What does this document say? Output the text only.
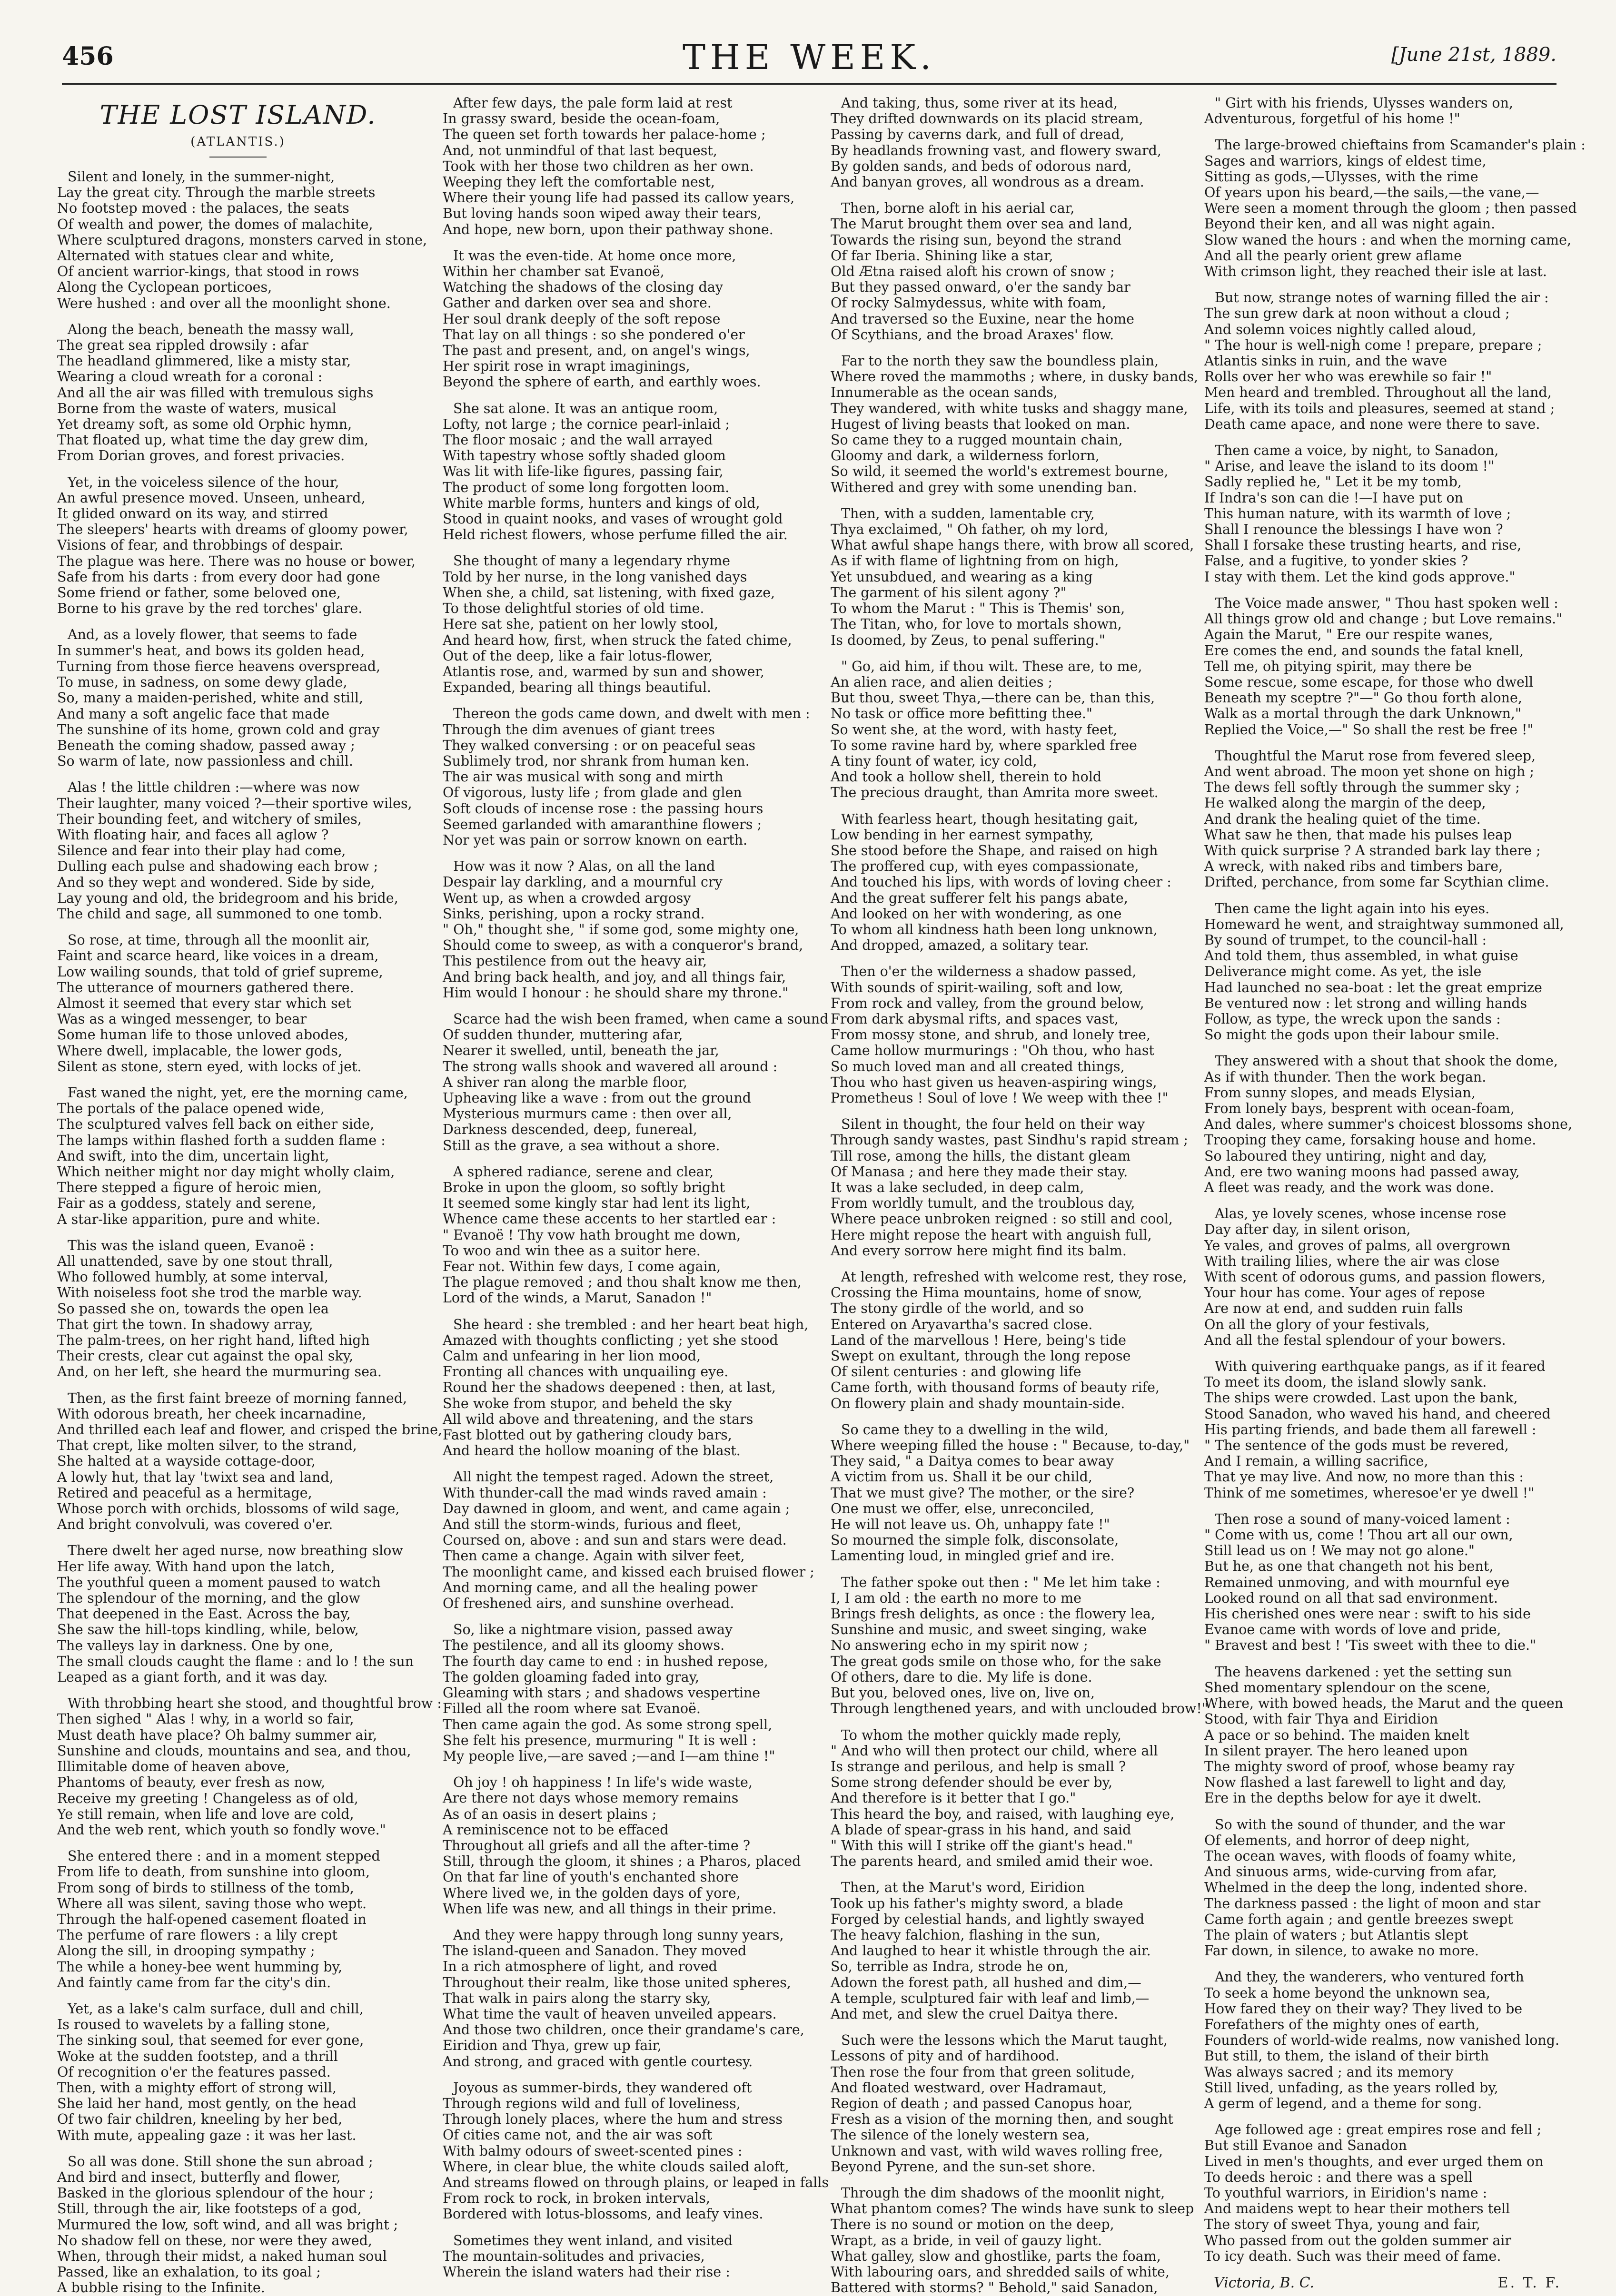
456	THE WEEK.	[June 21st, 1889.
THE LOST ISLAND.
(ATLANTIS.)
Silent and lonely, in the summer-night,
Lay the great city. Through the marble streets
No footstep moved : the palaces, the seats
Of wealth and power, the domes of malachite,
Where sculptured dragons, monsters carved in stone,
Alternated with statues clear and white,
Of ancient warrior-kings, that stood in rows
Along the Cyclopean porticoes,
Were hushed : and over all the moonlight shone.
Along the beach, beneath the massy wall,
The great sea rippled drowsily : afar
The headland glimmered, like a misty star,
Wearing a cloud wreath for a coronal :
And all the air was filled with tremulous sighs
Borne from the waste of waters, musical
Yet dreamy soft, as some old Orphic hymn,
That floated up, what time the day grew dim,
From Dorian groves, and forest privacies.
Yet, in the voiceless silence of the hour,
An awful presence moved. Unseen, unheard,
It glided onward on its way, and stirred
The sleepers' hearts with dreams of gloomy power,
Visions of fear, and throbbings of despair.
The plague was here. There was no house or bower,
Safe from his darts : from every door had gone
Some friend or father, some beloved one,
Borne to his grave by the red torches' glare.
And, as a lovely flower, that seems to fade
In summer's heat, and bows its golden head,
Turning from those fierce heavens overspread,
To muse, in sadness, on some dewy glade,
So, many a maiden-perished, white and still,
And many a soft angelic face that made
The sunshine of its home, grown cold and gray
Beneath the coming shadow, passed away ;
So warm of late, now passionless and chill.
Alas ! the little children :—where was now
Their laughter, many voiced ?—their sportive wiles,
Their bounding feet, and witchery of smiles,
With floating hair, and faces all aglow ?
Silence and fear into their play had come,
Dulling each pulse and shadowing each brow ;
And so they wept and wondered. Side by side,
Lay young and old, the bridegroom and his bride,
The child and sage, all summoned to one tomb.
So rose, at time, through all the moonlit air,
Faint and scarce heard, like voices in a dream,
Low wailing sounds, that told of grief supreme,
The utterance of mourners gathered there.
Almost it seemed that every star which set
Was as a winged messenger, to bear
Some human life to those unloved abodes,
Where dwell, implacable, the lower gods,
Silent as stone, stern eyed, with locks of jet.
Fast waned the night, yet, ere the morning came,
The portals of the palace opened wide,
The sculptured valves fell back on either side,
The lamps within flashed forth a sudden flame :
And swift, into the dim, uncertain light,
Which neither might nor day might wholly claim,
There stepped a figure of heroic mien,
Fair as a goddess, stately and serene,
A star-like apparition, pure and white.
This was the island queen, Evanoë :
All unattended, save by one stout thrall,
Who followed humbly, at some interval,
With noiseless foot she trod the marble way.
So passed she on, towards the open lea
That girt the town. In shadowy array,
The palm-trees, on her right hand, lifted high
Their crests, clear cut against the opal sky,
And, on her left, she heard the murmuring sea.
Then, as the first faint breeze of morning fanned,
With odorous breath, her cheek incarnadine,
And thrilled each leaf and flower, and crisped the brine,
That crept, like molten silver, to the strand,
She halted at a wayside cottage-door,
A lowly hut, that lay 'twixt sea and land,
Retired and peaceful as a hermitage,
Whose porch with orchids, blossoms of wild sage,
And bright convolvuli, was covered o'er.
There dwelt her aged nurse, now breathing slow
Her life away. With hand upon the latch,
The youthful queen a moment paused to watch
The splendour of the morning, and the glow
That deepened in the East. Across the bay,
She saw the hill-tops kindling, while, below,
The valleys lay in darkness. One by one,
The small clouds caught the flame : and lo ! the sun
Leaped as a giant forth, and it was day.
With throbbing heart she stood, and thoughtful brow :
Then sighed " Alas ! why, in a world so fair,
Must death have place? Oh balmy summer air,
Sunshine and clouds, mountains and sea, and thou,
Illimitable dome of heaven above,
Phantoms of beauty, ever fresh as now,
Receive my greeting ! Changeless as of old,
Ye still remain, when life and love are cold,
And the web rent, which youth so fondly wove."
She entered there : and in a moment stepped
From life to death, from sunshine into gloom,
From song of birds to stillness of the tomb,
Where all was silent, saving those who wept.
Through the half-opened casement floated in
The perfume of rare flowers : a lily crept
Along the sill, in drooping sympathy ;
The while a honey-bee went humming by,
And faintly came from far the city's din.
Yet, as a lake's calm surface, dull and chill,
Is roused to wavelets by a falling stone,
The sinking soul, that seemed for ever gone,
Woke at the sudden footstep, and a thrill
Of recognition o'er the features passed.
Then, with a mighty effort of strong will,
She laid her hand, most gently, on the head
Of two fair children, kneeling by her bed,
With mute, appealing gaze : it was her last.
So all was done. Still shone the sun abroad ;
And bird and insect, butterfly and flower,
Basked in the glorious splendour of the hour ;
Still, through the air, like footsteps of a god,
Murmured the low, soft wind, and all was bright ;
No shadow fell on these, nor were they awed,
When, through their midst, a naked human soul
Passed, like an exhalation, to its goal ;
A bubble rising to the Infinite.
After few days, the pale form laid at rest
In grassy sward, beside the ocean-foam,
The queen set forth towards her palace-home ;
And, not unmindful of that last bequest,
Took with her those two children as her own.
Weeping they left the comfortable nest,
Where their young life had passed its callow years,
But loving hands soon wiped away their tears,
And hope, new born, upon their pathway shone.
It was the even-tide. At home once more,
Within her chamber sat Evanoë,
Watching the shadows of the closing day
Gather and darken over sea and shore.
Her soul drank deeply of the soft repose
That lay on all things : so she pondered o'er
The past and present, and, on angel's wings,
Her spirit rose in wrapt imaginings,
Beyond the sphere of earth, and earthly woes.
She sat alone. It was an antique room,
Lofty, not large ; the cornice pearl-inlaid ;
The floor mosaic ; and the wall arrayed
With tapestry whose softly shaded gloom
Was lit with life-like figures, passing fair,
The product of some long forgotten loom.
White marble forms, hunters and kings of old,
Stood in quaint nooks, and vases of wrought gold
Held richest flowers, whose perfume filled the air.
She thought of many a legendary rhyme
Told by her nurse, in the long vanished days
When she, a child, sat listening, with fixed gaze,
To those delightful stories of old time.
Here sat she, patient on her lowly stool,
And heard how, first, when struck the fated chime,
Out of the deep, like a fair lotus-flower,
Atlantis rose, and, warmed by sun and shower,
Expanded, bearing all things beautiful.
Thereon the gods came down, and dwelt with men :
Through the dim avenues of giant trees
They walked conversing : or on peaceful seas
Sublimely trod, nor shrank from human ken.
The air was musical with song and mirth
Of vigorous, lusty life ; from glade and glen
Soft clouds of incense rose : the passing hours
Seemed garlanded with amaranthine flowers ;
Nor yet was pain or sorrow known on earth.
How was it now ? Alas, on all the land
Despair lay darkling, and a mournful cry
Went up, as when a crowded argosy
Sinks, perishing, upon a rocky strand.
" Oh," thought she, " if some god, some mighty one,
Should come to sweep, as with a conqueror's brand,
This pestilence from out the heavy air,
And bring back health, and joy, and all things fair,
Him would I honour : he should share my throne."
Scarce had the wish been framed, when came a sound
Of sudden thunder, muttering afar,
Nearer it swelled, until, beneath the jar,
The strong walls shook and wavered all around :
A shiver ran along the marble floor,
Upheaving like a wave : from out the ground
Mysterious murmurs came : then over all,
Darkness descended, deep, funereal,
Still as the grave, a sea without a shore.
A sphered radiance, serene and clear,
Broke in upon the gloom, so softly bright
It seemed some kingly star had lent its light,
Whence came these accents to her startled ear :
" Evanoë ! Thy vow hath brought me down,
To woo and win thee as a suitor here.
Fear not. Within few days, I come again,
The plague removed ; and thou shalt know me then,
Lord of the winds, a Marut, Sanadon !"
She heard : she trembled : and her heart beat high,
Amazed with thoughts conflicting ; yet she stood
Calm and unfearing in her lion mood,
Fronting all chances with unquailing eye.
Round her the shadows deepened : then, at last,
She woke from stupor, and beheld the sky
All wild above and threatening, and the stars
Fast blotted out by gathering cloudy bars,
And heard the hollow moaning of the blast.
All night the tempest raged. Adown the street,
With thunder-call the mad winds raved amain :
Day dawned in gloom, and went, and came again ;
And still the storm-winds, furious and fleet,
Coursed on, above : and sun and stars were dead.
Then came a change. Again with silver feet,
The moonlight came, and kissed each bruised flower ;
And morning came, and all the healing power
Of freshened airs, and sunshine overhead.
So, like a nightmare vision, passed away
The pestilence, and all its gloomy shows.
The fourth day came to end : in hushed repose,
The golden gloaming faded into gray,
Gleaming with stars ; and shadows vespertine
Filled all the room where sat Evanoë.
Then came again the god. As some strong spell,
She felt his presence, murmuring " It is well :
My people live,—are saved ;—and I—am thine !"
Oh joy ! oh happiness ! In life's wide waste,
Are there not days whose memory remains
As of an oasis in desert plains ;
A reminiscence not to be effaced
Throughout all griefs and all the after-time ?
Still, through the gloom, it shines ; a Pharos, placed
On that far line of youth's enchanted shore
Where lived we, in the golden days of yore,
When life was new, and all things in their prime.
And they were happy through long sunny years,
The island-queen and Sanadon. They moved
In a rich atmosphere of light, and roved
Throughout their realm, like those united spheres,
That walk in pairs along the starry sky,
What time the vault of heaven unveiled appears.
And those two children, once their grandame's care,
Eiridion and Thya, grew up fair,
And strong, and graced with gentle courtesy.
Joyous as summer-birds, they wandered oft
Through regions wild and full of loveliness,
Through lonely places, where the hum and stress
Of cities came not, and the air was soft
With balmy odours of sweet-scented pines :
Where, in clear blue, the white clouds sailed aloft,
And streams flowed on through plains, or leaped in falls
From rock to rock, in broken intervals,
Bordered with lotus-blossoms, and leafy vines.
Sometimes they went inland, and visited
The mountain-solitudes and privacies,
Wherein the island waters had their rise :
And taking, thus, some river at its head,
They drifted downwards on its placid stream,
Passing by caverns dark, and full of dread,
By headlands frowning vast, and flowery sward,
By golden sands, and beds of odorous nard,
And banyan groves, all wondrous as a dream.
Then, borne aloft in his aerial car,
The Marut brought them over sea and land,
Towards the rising sun, beyond the strand
Of far Iberia. Shining like a star,
Old Ætna raised aloft his crown of snow ;
But they passed onward, o'er the sandy bar
Of rocky Salmydessus, white with foam,
And traversed so the Euxine, near the home
Of Scythians, and the broad Araxes' flow.
Far to the north they saw the boundless plain,
Where roved the mammoths ; where, in dusky bands,
Innumerable as the ocean sands,
They wandered, with white tusks and shaggy mane,
Hugest of living beasts that looked on man.
So came they to a rugged mountain chain,
Gloomy and dark, a wilderness forlorn,
So wild, it seemed the world's extremest bourne,
Withered and grey with some unending ban.
Then, with a sudden, lamentable cry,
Thya exclaimed, " Oh father, oh my lord,
What awful shape hangs there, with brow all scored,
As if with flame of lightning from on high,
Yet unsubdued, and wearing as a king
The garment of his silent agony ?"
To whom the Marut : " This is Themis' son,
The Titan, who, for love to mortals shown,
Is doomed, by Zeus, to penal suffering."
" Go, aid him, if thou wilt. These are, to me,
An alien race, and alien deities ;
But thou, sweet Thya,—there can be, than this,
No task or office more befitting thee."
So went she, at the word, with hasty feet,
To some ravine hard by, where sparkled free
A tiny fount of water, icy cold,
And took a hollow shell, therein to hold
The precious draught, than Amrita more sweet.
With fearless heart, though hesitating gait,
Low bending in her earnest sympathy,
She stood before the Shape, and raised on high
The proffered cup, with eyes compassionate,
And touched his lips, with words of loving cheer :
And the great sufferer felt his pangs abate,
And looked on her with wondering, as one
To whom all kindness hath been long unknown,
And dropped, amazed, a solitary tear.
Then o'er the wilderness a shadow passed,
With sounds of spirit-wailing, soft and low,
From rock and valley, from the ground below,
From dark abysmal rifts, and spaces vast,
From mossy stone, and shrub, and lonely tree,
Came hollow murmurings : "Oh thou, who hast
So much loved man and all created things,
Thou who hast given us heaven-aspiring wings,
Prometheus ! Soul of love ! We weep with thee !"
Silent in thought, the four held on their way
Through sandy wastes, past Sindhu's rapid stream ;
Till rose, among the hills, the distant gleam
Of Manasa ; and here they made their stay.
It was a lake secluded, in deep calm,
From worldly tumult, and the troublous day,
Where peace unbroken reigned : so still and cool,
Here might repose the heart with anguish full,
And every sorrow here might find its balm.
At length, refreshed with welcome rest, they rose,
Crossing the Hima mountains, home of snow,
The stony girdle of the world, and so
Entered on Aryavartha's sacred close.
Land of the marvellous ! Here, being's tide
Swept on exultant, through the long repose
Of silent centuries : and glowing life
Came forth, with thousand forms of beauty rife,
On flowery plain and shady mountain-side.
So came they to a dwelling in the wild,
Where weeping filled the house : " Because, to-day,"
They said, " a Daitya comes to bear away
A victim from us. Shall it be our child,
That we must give? The mother, or the sire?
One must we offer, else, unreconciled,
He will not leave us. Oh, unhappy fate !"
So mourned the simple folk, disconsolate,
Lamenting loud, in mingled grief and ire.
The father spoke out then : " Me let him take :
I, I am old : the earth no more to me
Brings fresh delights, as once : the flowery lea,
Sunshine and music, and sweet singing, wake
No answering echo in my spirit now ;
The great gods smile on those who, for the sake
Of others, dare to die. My life is done.
But you, beloved ones, live on, live on,
Through lengthened years, and with unclouded brow!"
To whom the mother quickly made reply,
" And who will then protect our child, where all
Is strange and perilous, and help is small ?
Some strong defender should be ever by,
And therefore is it better that I go."
This heard the boy, and raised, with laughing eye,
A blade of spear-grass in his hand, and said
" With this will I strike off the giant's head."
The parents heard, and smiled amid their woe.
Then, at the Marut's word, Eiridion
Took up his father's mighty sword, a blade
Forged by celestial hands, and lightly swayed
The heavy falchion, flashing in the sun,
And laughed to hear it whistle through the air.
So, terrible as Indra, strode he on,
Adown the forest path, all hushed and dim,—
A temple, sculptured fair with leaf and limb,—
And met, and slew the cruel Daitya there.
Such were the lessons which the Marut taught,
Lessons of pity and of hardihood.
Then rose the four from that green solitude,
And floated westward, over Hadramaut,
Region of death ; and passed Canopus hoar,
Fresh as a vision of the morning then, and sought
The silence of the lonely western sea,
Unknown and vast, with wild waves rolling free,
Beyond Pyrene, and the sun-set shore.
Through the dim shadows of the moonlit night,
What phantom comes? The winds have sunk to sleep
There is no sound or motion on the deep,
Wrapt, as a bride, in veil of gauzy light.
What galley, slow and ghostlike, parts the foam,
With labouring oars, and shredded sails of white,
Battered with storms? " Behold," said Sanadon,
" Girt with his friends, Ulysses wanders on,
Adventurous, forgetful of his home !"
The large-browed chieftains from Scamander's plain :
Sages and warriors, kings of eldest time,
Sitting as gods,—Ulysses, with the rime
Of years upon his beard,—the sails,—the vane,—
Were seen a moment through the gloom ; then passed
Beyond their ken, and all was night again.
Slow waned the hours : and when the morning came,
And all the pearly orient grew aflame
With crimson light, they reached their isle at last.
But now, strange notes of warning filled the air :
The sun grew dark at noon without a cloud ;
And solemn voices nightly called aloud,
" The hour is well-nigh come ! prepare, prepare ;
Atlantis sinks in ruin, and the wave
Rolls over her who was erewhile so fair !"
Men heard and trembled. Throughout all the land,
Life, with its toils and pleasures, seemed at stand ;
Death came apace, and none were there to save.
Then came a voice, by night, to Sanadon,
" Arise, and leave the island to its doom !"
Sadly replied he, " Let it be my tomb,
If Indra's son can die !—I have put on
This human nature, with its warmth of love ;
Shall I renounce the blessings I have won ?
Shall I forsake these trusting hearts, and rise,
False, and a fugitive, to yonder skies ?
I stay with them. Let the kind gods approve."
The Voice made answer, " Thou hast spoken well :
All things grow old and change ; but Love remains."
Again the Marut, " Ere our respite wanes,
Ere comes the end, and sounds the fatal knell,
Tell me, oh pitying spirit, may there be
Some rescue, some escape, for those who dwell
Beneath my sceptre ?"—" Go thou forth alone,
Walk as a mortal through the dark Unknown,"
Replied the Voice,—" So shall the rest be free !"
Thoughtful the Marut rose from fevered sleep,
And went abroad. The moon yet shone on high ;
The dews fell softly through the summer sky ;
He walked along the margin of the deep,
And drank the healing quiet of the time.
What saw he then, that made his pulses leap
With quick surprise ? A stranded bark lay there ;
A wreck, with naked ribs and timbers bare,
Drifted, perchance, from some far Scythian clime.
Then came the light again into his eyes.
Homeward he went, and straightway summoned all,
By sound of trumpet, to the council-hall :
And told them, thus assembled, in what guise
Deliverance might come. As yet, the isle
Had launched no sea-boat : let the great emprize
Be ventured now : let strong and willing hands
Follow, as type, the wreck upon the sands :
So might the gods upon their labour smile.
They answered with a shout that shook the dome,
As if with thunder. Then the work began.
From sunny slopes, and meads Elysian,
From lonely bays, besprent with ocean-foam,
And dales, where summer's choicest blossoms shone,
Trooping they came, forsaking house and home.
So laboured they untiring, night and day,
And, ere two waning moons had passed away,
A fleet was ready, and the work was done.
Alas, ye lovely scenes, whose incense rose
Day after day, in silent orison,
Ye vales, and groves of palms, all overgrown
With trailing lilies, where the air was close
With scent of odorous gums, and passion flowers,
Your hour has come. Your ages of repose
Are now at end, and sudden ruin falls
On all the glory of your festivals,
And all the festal splendour of your bowers.
With quivering earthquake pangs, as if it feared
To meet its doom, the island slowly sank.
The ships were crowded. Last upon the bank,
Stood Sanadon, who waved his hand, and cheered
His parting friends, and bade them all farewell :
" The sentence of the gods must be revered,
And I remain, a willing sacrifice,
That ye may live. And now, no more than this :
Think of me sometimes, wheresoe'er ye dwell !"
Then rose a sound of many-voiced lament :
" Come with us, come ! Thou art all our own,
Still lead us on ! We may not go alone."
But he, as one that changeth not his bent,
Remained unmoving, and with mournful eye
Looked round on all that sad environment.
His cherished ones were near : swift to his side
Evanoe came with words of love and pride,
" Bravest and best ! 'Tis sweet with thee to die."
The heavens darkened : yet the setting sun
Shed momentary splendour on the scene,
Where, with bowed heads, the Marut and the queen
Stood, with fair Thya and Eiridion
A pace or so behind. The maiden knelt
In silent prayer. The hero leaned upon
The mighty sword of proof, whose beamy ray
Now flashed a last farewell to light and day,
Ere in the depths below for aye it dwelt.
So with the sound of thunder, and the war
Of elements, and horror of deep night,
The ocean waves, with floods of foamy white,
And sinuous arms, wide-curving from afar,
Whelmed in the deep the long, indented shore.
The darkness passed : the light of moon and star
Came forth again ; and gentle breezes swept
The plain of waters ; but Atlantis slept
Far down, in silence, to awake no more.
And they, the wanderers, who ventured forth
To seek a home beyond the unknown sea,
How fared they on their way? They lived to be
Forefathers of the mighty ones of earth,
Founders of world-wide realms, now vanished long.
But still, to them, the island of their birth
Was always sacred ; and its memory
Still lived, unfading, as the years rolled by,
A germ of legend, and a theme for song.
Age followed age : great empires rose and fell ;
But still Evanoe and Sanadon
Lived in men's thoughts, and ever urged them on
To deeds heroic : and there was a spell
To youthful warriors, in Eiridion's name :
And maidens wept to hear their mothers tell
The story of sweet Thya, young and fair,
Who passed from out the golden summer air
To icy death. Such was their meed of fame.
Victoria, B. C.	E. T. F.
